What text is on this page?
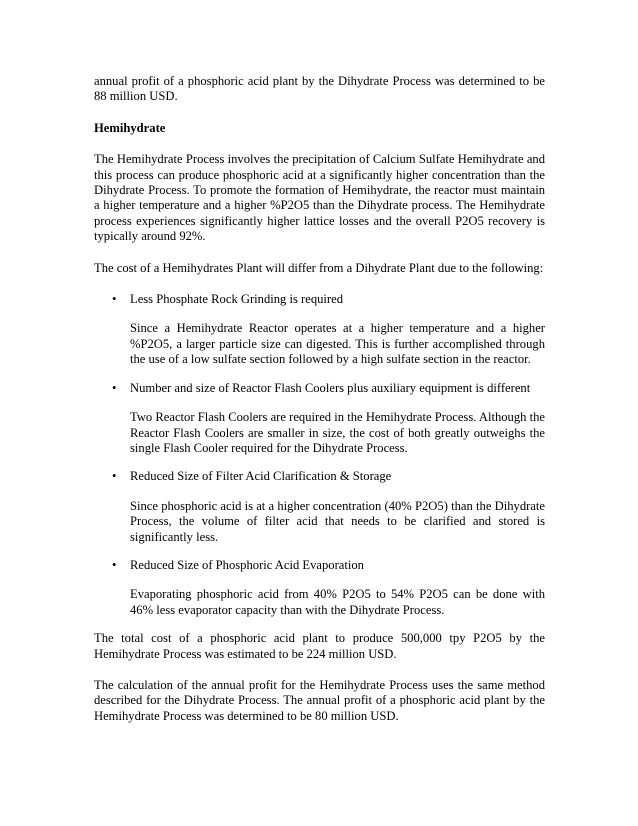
annual profit of a phosphoric acid plant by the Dihydrate Process was determined to be 88 million USD.

Hemihydrate

The Hemihydrate Process involves the precipitation of Calcium Sulfate Hemihydrate and this process can produce phosphoric acid at a significantly higher concentration than the Dihydrate Process. To promote the formation of Hemihydrate, the reactor must maintain a higher temperature and a higher %P2O5 than the Dihydrate process. The Hemihydrate process experiences significantly higher lattice losses and the overall P2O5 recovery is typically around 92%.

The cost of a Hemihydrates Plant will differ from a Dihydrate Plant due to the following:

• Less Phosphate Rock Grinding is required
Since a Hemihydrate Reactor operates at a higher temperature and a higher %P2O5, a larger particle size can digested. This is further accomplished through the use of a low sulfate section followed by a high sulfate section in the reactor.
• Number and size of Reactor Flash Coolers plus auxiliary equipment is different
Two Reactor Flash Coolers are required in the Hemihydrate Process. Although the Reactor Flash Coolers are smaller in size, the cost of both greatly outweighs the single Flash Cooler required for the Dihydrate Process.
• Reduced Size of Filter Acid Clarification & Storage
Since phosphoric acid is at a higher concentration (40% P2O5) than the Dihydrate Process, the volume of filter acid that needs to be clarified and stored is significantly less.
• Reduced Size of Phosphoric Acid Evaporation
Evaporating phosphoric acid from 40% P2O5 to 54% P2O5 can be done with 46% less evaporator capacity than with the Dihydrate Process.

The total cost of a phosphoric acid plant to produce 500,000 tpy P2O5 by the Hemihydrate Process was estimated to be 224 million USD.

The calculation of the annual profit for the Hemihydrate Process uses the same method described for the Dihydrate Process. The annual profit of a phosphoric acid plant by the Hemihydrate Process was determined to be 80 million USD.
